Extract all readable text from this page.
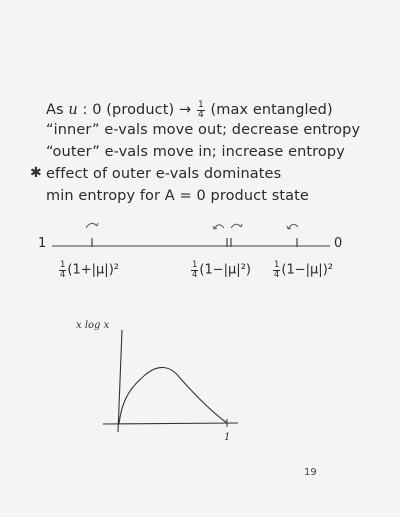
As u : 0 (product) → $\frac{1}{4} (\max$ entangled)
“inner” e-vals move out; decrease entropy
“outer” e-vals move in; increase entropy
✱ effect of outer e-vals dominates
min entropy for A = 0 product state
1	0
$\frac{1}{4} (1+|\mu|)^2$	$\frac{1}{4} (1-|\mu|^2)$	$\frac{1}{4} (1-|\mu|)^2$
x log x
1
19
